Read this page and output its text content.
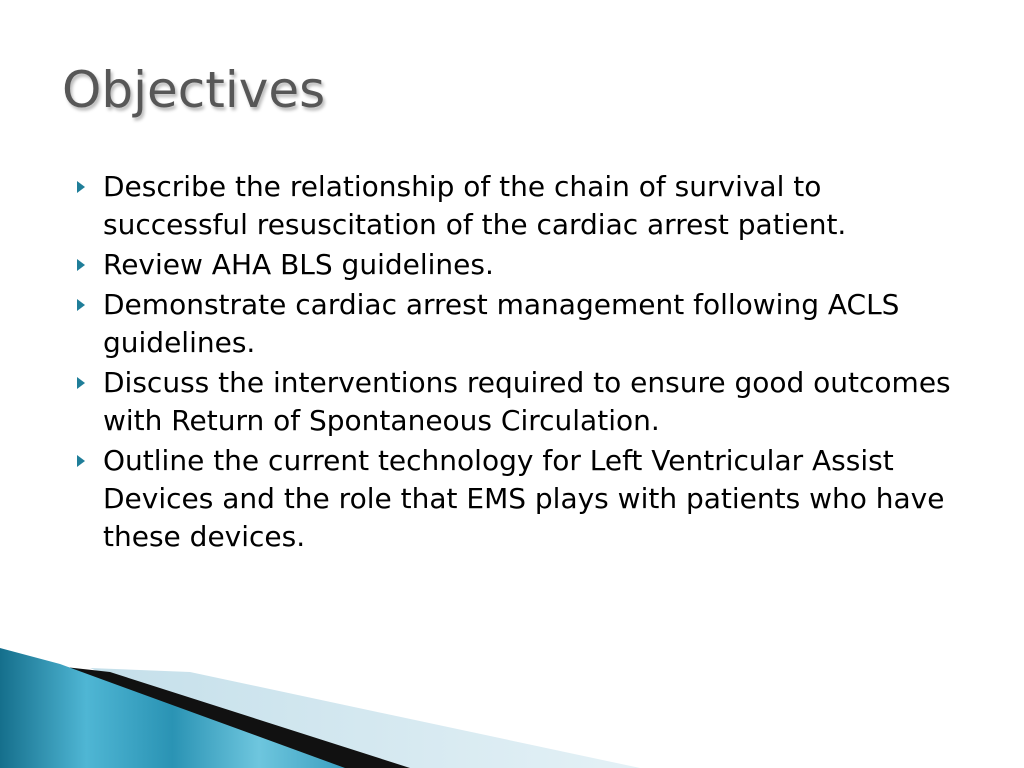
Objectives
Describe the relationship of the chain of survival to successful resuscitation of the cardiac arrest patient.
Review AHA BLS guidelines.
Demonstrate cardiac arrest management following ACLS guidelines.
Discuss the interventions required to ensure good outcomes with Return of Spontaneous Circulation.
Outline the current technology for Left Ventricular Assist Devices and the role that EMS plays with patients who have these devices.
